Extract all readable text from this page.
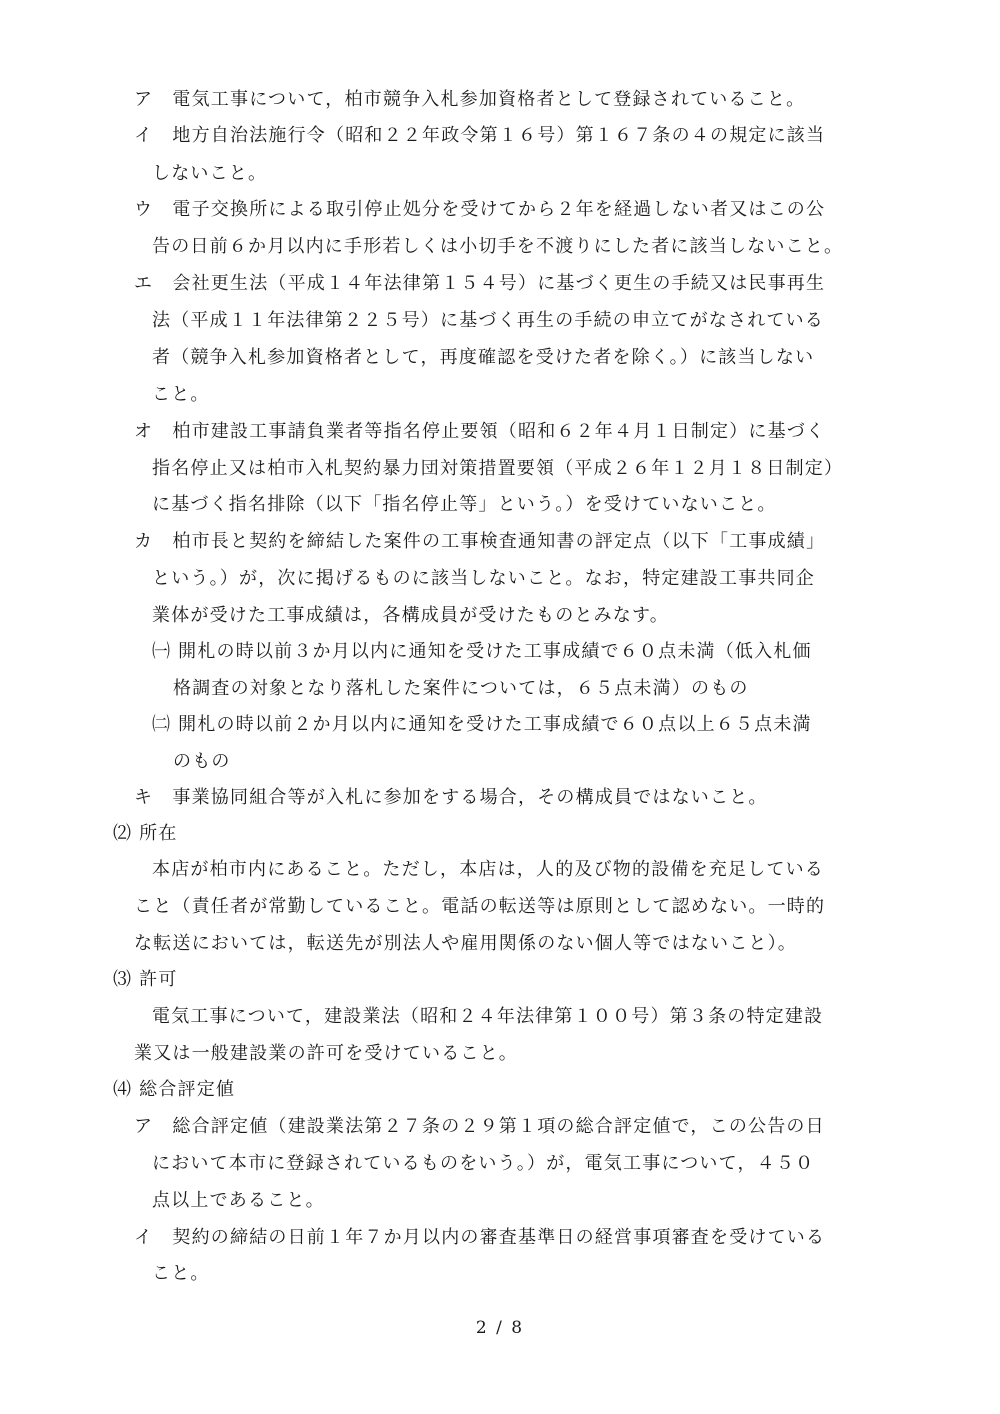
ア　電気工事について，柏市競争入札参加資格者として登録されていること。
イ　地方自治法施行令（昭和２２年政令第１６号）第１６７条の４の規定に該当
しないこと。
ウ　電子交換所による取引停止処分を受けてから２年を経過しない者又はこの公
告の日前６か月以内に手形若しくは小切手を不渡りにした者に該当しないこと。
エ　会社更生法（平成１４年法律第１５４号）に基づく更生の手続又は民事再生
法（平成１１年法律第２２５号）に基づく再生の手続の申立てがなされている
者（競争入札参加資格者として，再度確認を受けた者を除く。）に該当しない
こと。
オ　柏市建設工事請負業者等指名停止要領（昭和６２年４月１日制定）に基づく
指名停止又は柏市入札契約暴力団対策措置要領（平成２６年１２月１８日制定）
に基づく指名排除（以下「指名停止等」という。）を受けていないこと。
カ　柏市長と契約を締結した案件の工事検査通知書の評定点（以下「工事成績」
という。）が，次に掲げるものに該当しないこと。なお，特定建設工事共同企
業体が受けた工事成績は，各構成員が受けたものとみなす。
㈠ 開札の時以前３か月以内に通知を受けた工事成績で６０点未満（低入札価
格調査の対象となり落札した案件については，６５点未満）のもの
㈡ 開札の時以前２か月以内に通知を受けた工事成績で６０点以上６５点未満
のもの
キ　事業協同組合等が入札に参加をする場合，その構成員ではないこと。
⑵ 所在
本店が柏市内にあること。ただし，本店は，人的及び物的設備を充足している
こと（責任者が常勤していること。電話の転送等は原則として認めない。一時的
な転送においては，転送先が別法人や雇用関係のない個人等ではないこと）。
⑶ 許可
電気工事について，建設業法（昭和２４年法律第１００号）第３条の特定建設
業又は一般建設業の許可を受けていること。
⑷ 総合評定値
ア　総合評定値（建設業法第２７条の２９第１項の総合評定値で，この公告の日
において本市に登録されているものをいう。）が，電気工事について，４５０
点以上であること。
イ　契約の締結の日前１年７か月以内の審査基準日の経営事項審査を受けている
こと。
2 / 8
